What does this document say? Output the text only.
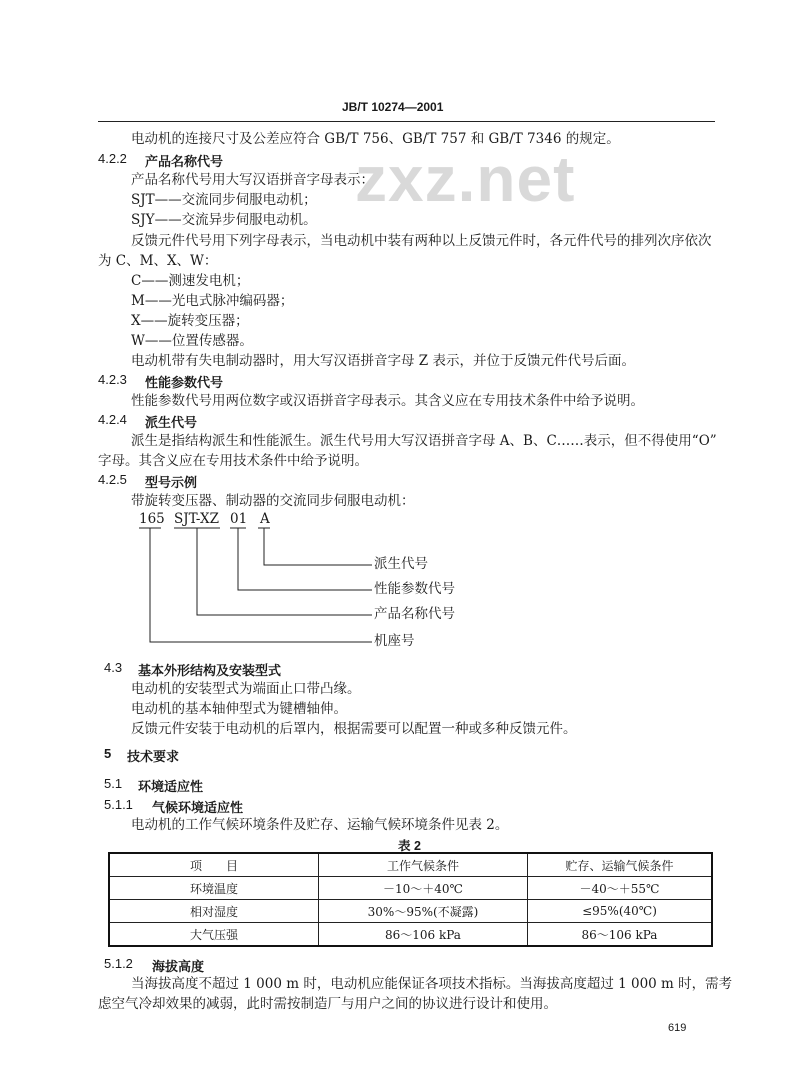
zxz.net
JB/T 10274—2001
电动机的连接尺寸及公差应符合 GB/T 756、GB/T 757 和 GB/T 7346 的规定。
4.2.2 产品名称代号
产品名称代号用大写汉语拼音字母表示：
SJT——交流同步伺服电动机；
SJY——交流异步伺服电动机。
反馈元件代号用下列字母表示，当电动机中装有两种以上反馈元件时，各元件代号的排列次序依次
为 C、M、X、W：
C——测速发电机；
M——光电式脉冲编码器；
X——旋转变压器；
W——位置传感器。
电动机带有失电制动器时，用大写汉语拼音字母 Z 表示，并位于反馈元件代号后面。
4.2.3 性能参数代号
性能参数代号用两位数字或汉语拼音字母表示。其含义应在专用技术条件中给予说明。
4.2.4 派生代号
派生是指结构派生和性能派生。派生代号用大写汉语拼音字母 A、B、C……表示，但不得使用“O”
字母。其含义应在专用技术条件中给予说明。
4.2.5 型号示例
带旋转变压器、制动器的交流同步伺服电动机：
165 SJT-XZ 01 A
派生代号
性能参数代号
产品名称代号
机座号
4.3 基本外形结构及安装型式
电动机的安装型式为端面止口带凸缘。
电动机的基本轴伸型式为键槽轴伸。
反馈元件安装于电动机的后罩内，根据需要可以配置一种或多种反馈元件。
5 技术要求
5.1 环境适应性
5.1.1 气候环境适应性
电动机的工作气候环境条件及贮存、运输气候环境条件见表 2。
表 2
项　　目	工作气候条件	贮存、运输气候条件
环境温度	－10～＋40℃	－40～＋55℃
相对湿度	30%～95%(不凝露)	≤95%(40℃)
大气压强	86～106 kPa	86～106 kPa
5.1.2 海拔高度
当海拔高度不超过 1 000 m 时，电动机应能保证各项技术指标。当海拔高度超过 1 000 m 时，需考
虑空气冷却效果的减弱，此时需按制造厂与用户之间的协议进行设计和使用。
619
